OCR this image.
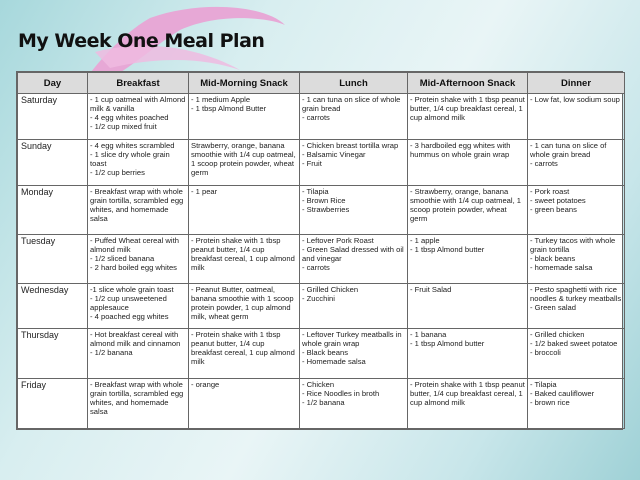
My Week One Meal Plan
Day	Breakfast	Mid-Morning Snack	Lunch	Mid-Afternoon Snack	Dinner
Saturday	- 1 cup oatmeal with Almond milk & vanilla
- 4 egg whites poached
- 1/2 cup mixed fruit	- 1 medium Apple
- 1 tbsp Almond Butter	- 1 can tuna on slice of whole grain bread
- carrots	- Protein shake with 1 tbsp peanut butter, 1/4 cup breakfast cereal, 1 cup almond milk	- Low fat, low sodium soup

Sunday	- 4 egg whites scrambled
- 1 slice dry whole grain toast
- 1/2 cup berries	Strawberry, orange, banana smoothie with 1/4 cup oatmeal, 1 scoop protein powder, wheat germ	- Chicken breast tortilla wrap
- Balsamic Vinegar
- Fruit	- 3 hardboiled egg whites with hummus on whole grain wrap	- 1 can tuna on slice of whole grain bread
- carrots

Monday	- Breakfast wrap with whole grain tortilla, scrambled egg whites, and homemade salsa	- 1 pear	- Tilapia
- Brown Rice
- Strawberries	- Strawberry, orange, banana smoothie with 1/4 cup oatmeal, 1 scoop protein powder, wheat germ	- Pork roast
- sweet potatoes
- green beans

Tuesday	- Puffed Wheat cereal with almond milk
- 1/2 sliced banana
- 2 hard boiled egg whites	- Protein shake with 1 tbsp peanut butter, 1/4 cup breakfast cereal, 1 cup almond milk	- Leftover Pork Roast
- Green Salad dressed with oil and vinegar
- carrots	- 1 apple
- 1 tbsp Almond butter	- Turkey tacos with whole grain tortilla
- black beans
- homemade salsa

Wednesday	-1 slice whole grain toast
- 1/2 cup unsweetened applesauce
- 4 poached egg whites	- Peanut Butter, oatmeal, banana smoothie with 1 scoop protein powder, 1 cup almond milk, wheat germ	- Grilled Chicken
- Zucchini	- Fruit Salad	- Pesto spaghetti with rice noodles & turkey meatballs
- Green salad

Thursday	- Hot breakfast cereal with almond milk and cinnamon
- 1/2 banana	- Protein shake with 1 tbsp peanut butter, 1/4 cup breakfast cereal, 1 cup almond milk	- Leftover Turkey meatballs in whole grain wrap
- Black beans
- Homemade salsa	- 1 banana
- 1 tbsp Almond butter	- Grilled chicken
- 1/2 baked sweet potatoe
- broccoli

Friday	- Breakfast wrap with whole grain tortilla, scrambled egg whites, and homemade salsa	- orange	- Chicken
- Rice Noodles in broth
- 1/2 banana	- Protein shake with 1 tbsp peanut butter, 1/4 cup breakfast cereal, 1 cup almond milk	- Tilapia
- Baked cauliflower
- brown rice
